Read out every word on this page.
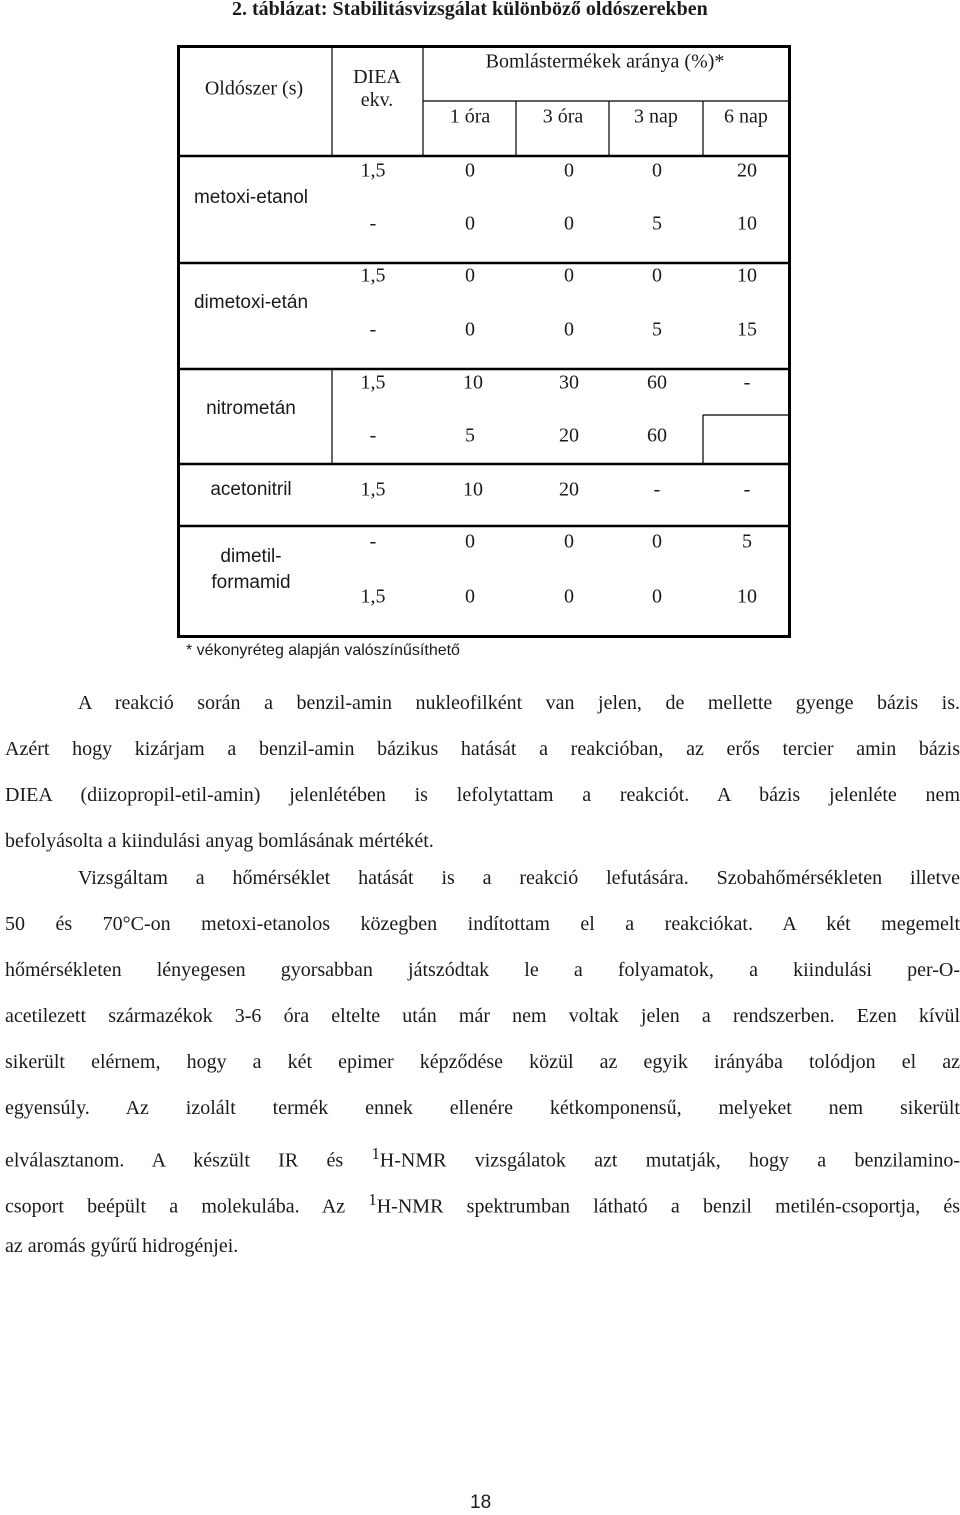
2. táblázat: Stabilitásvizsgálat különböző oldószerekben
Oldószer (s)
DIEA ekv.
Bomlástermékek aránya (%)*
1 óra	3 óra	3 nap 6 nap
metoxi-etanol
1,5	0	0	0	20
-	0	0	5	10
dimetoxi-etán
1,5	0	0	0	10
-	0	0	5	15
nitrometán
1,5	10	30	60	-
-	5	20	60
acetonitril	1,5	10	20	-	-
dimetil-formamid
-	0	0	0	5
1,5	0	0	0	10
* vékonyréteg alapján valószínűsíthető
A reakció során a benzil-amin nukleofilként van jelen, de mellette gyenge bázis is.
Azért hogy kizárjam a benzil-amin bázikus hatását a reakcióban, az erős tercier amin bázis
DIEA (diizopropil-etil-amin) jelenlétében is lefolytattam a reakciót. A bázis jelenléte nem
befolyásolta a kiindulási anyag bomlásának mértékét.
Vizsgáltam a hőmérséklet hatását is a reakció lefutására. Szobahőmérsékleten illetve
50 és 70°C-on metoxi-etanolos közegben indítottam el a reakciókat. A két megemelt
hőmérsékleten lényegesen gyorsabban játszódtak le a folyamatok, a kiindulási per-O-
acetilezett származékok 3-6 óra eltelte után már nem voltak jelen a rendszerben. Ezen kívül
sikerült elérnem, hogy a két epimer képződése közül az egyik irányába tolódjon el az
egyensúly. Az izolált termék ennek ellenére kétkomponensű, melyeket nem sikerült
elválasztanom. A készült IR és $^1$H-NMR vizsgálatok azt mutatják, hogy a benzilamino-
csoport beépült a molekulába. Az $^1$H-NMR spektrumban látható a benzil metilén-csoportja, és
az aromás gyűrű hidrogénjei.
18
